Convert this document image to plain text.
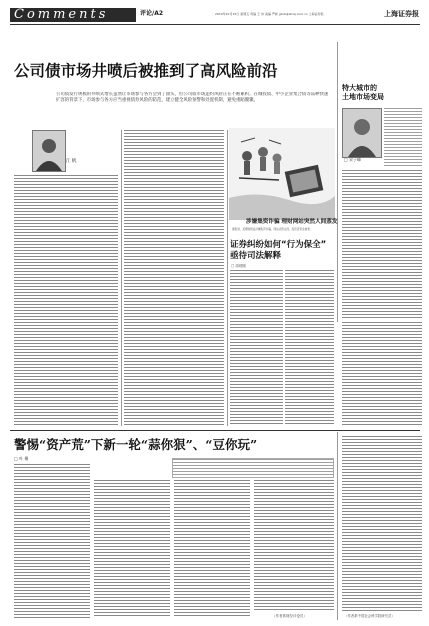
Comments	评论 /A2	2010年10月15日 星期五 责编 王 伟 美编 严彬 jjzxb@shzq.com.cn 上海证券报	上海证券报
公司债市场井喷后被推到了高风险前沿
公司债发行规模的井喷式增长虽然让市场参与各方尝到了甜头，但公司债市场违约风险正在不断累积。在城投债、中小企业集合债等品种快速扩容的背景下，市场参与各方应当重视债券风险的防范，建立健全风险预警和处置机制，避免重蹈覆辙。
特大城市的
土地市场变局
□ 宋子峰
江 帆
涉嫌集资诈骗 理财网站突然人间蒸发
据报道，某理财网站涉嫌集资诈骗，网站突然关闭，投资者资金被套。
证券纠纷如何“行为保全”
亟待司法解释
□ 周炳刚
警惕“资产荒”下新一轮“蒜你狠”、“豆你玩”
□ 叶 檀
（作者系财经评论员）	（作者系中国社会科学院研究员）
